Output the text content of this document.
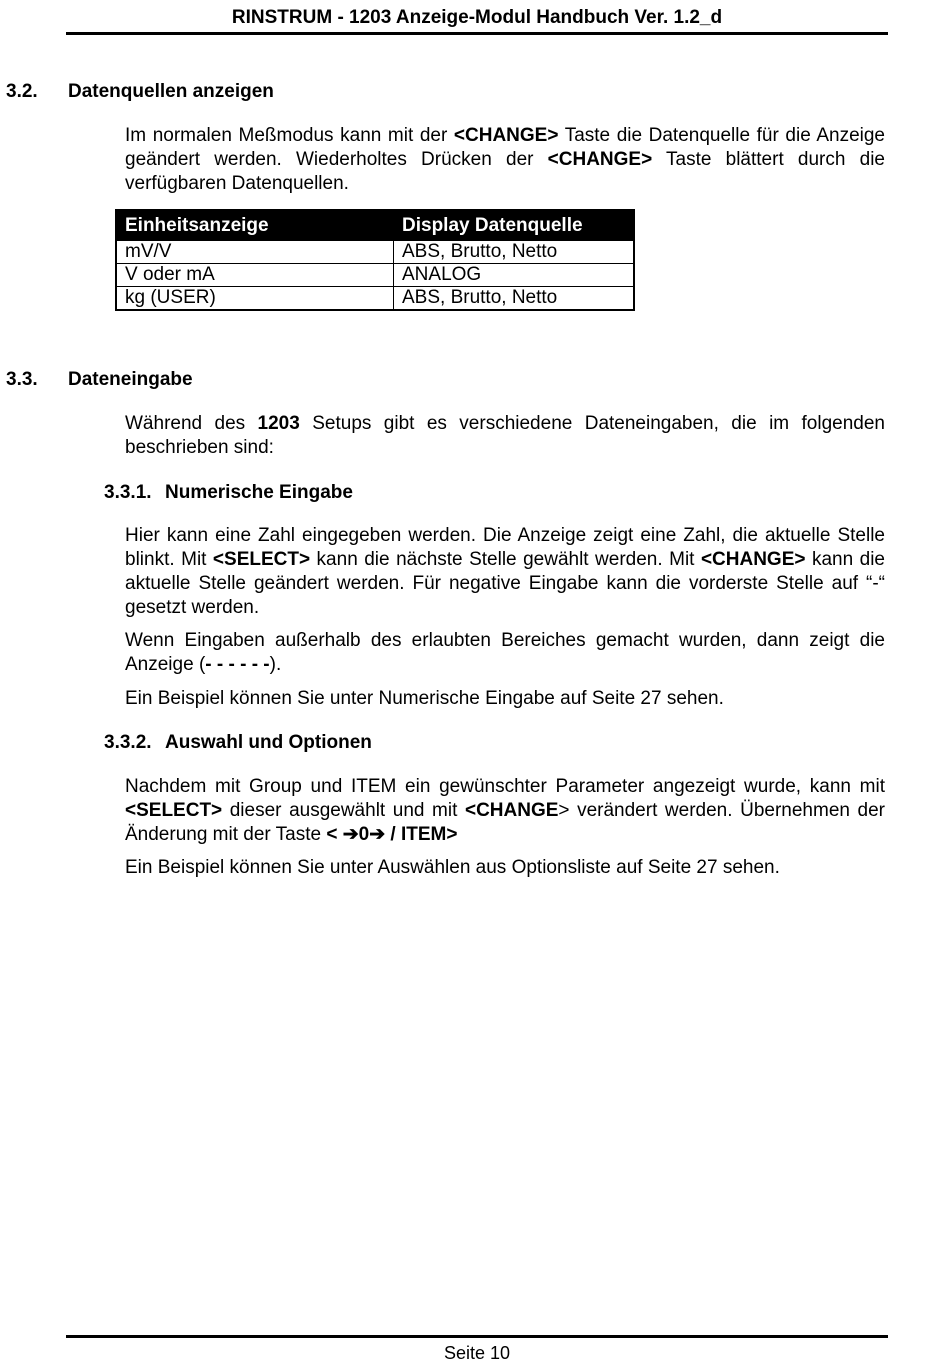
RINSTRUM - 1203 Anzeige-Modul Handbuch Ver. 1.2_d
3.2. Datenquellen anzeigen

Im normalen Meßmodus kann mit der <CHANGE> Taste die Datenquelle für die Anzeige geändert werden. Wiederholtes Drücken der <CHANGE> Taste blättert durch die verfügbaren Datenquellen.

Einheitsanzeige	Display Datenquelle
mV/V	ABS, Brutto, Netto
V oder mA	ANALOG
kg (USER)	ABS, Brutto, Netto
3.3. Dateneingabe

Während des 1203 Setups gibt es verschiedene Dateneingaben, die im folgenden beschrieben sind:

3.3.1. Numerische Eingabe

Hier kann eine Zahl eingegeben werden. Die Anzeige zeigt eine Zahl, die aktuelle Stelle blinkt. Mit <SELECT> kann die nächste Stelle gewählt werden. Mit <CHANGE> kann die aktuelle Stelle geändert werden. Für negative Eingabe kann die vorderste Stelle auf “-“ gesetzt werden.

Wenn Eingaben außerhalb des erlaubten Bereiches gemacht wurden, dann zeigt die Anzeige (- - - - - -).

Ein Beispiel können Sie unter Numerische Eingabe auf Seite 27 sehen.

3.3.2. Auswahl und Optionen

Nachdem mit Group und ITEM ein gewünschter Parameter angezeigt wurde, kann mit <SELECT> dieser ausgewählt und mit <CHANGE> verändert werden. Übernehmen der Änderung mit der Taste < ➔0➔ / ITEM>

Ein Beispiel können Sie unter Auswählen aus Optionsliste auf Seite 27 sehen.

Seite 10
